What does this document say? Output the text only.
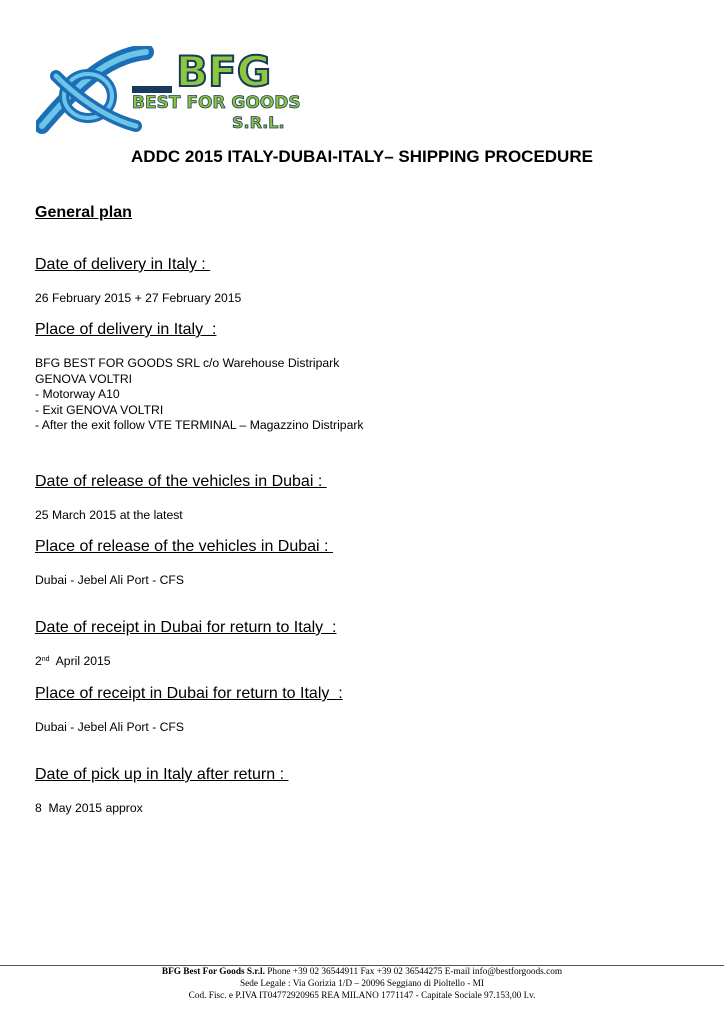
BFG
BEST FOR GOODS
S.R.L.
ADDC 2015 ITALY-DUBAI-ITALY– SHIPPING PROCEDURE
General plan
Date of delivery in Italy :
26 February 2015 + 27 February 2015
Place of delivery in Italy  :
BFG BEST FOR GOODS SRL c/o Warehouse Distripark
GENOVA VOLTRI
- Motorway A10
- Exit GENOVA VOLTRI
- After the exit follow VTE TERMINAL – Magazzino Distripark
Date of release of the vehicles in Dubai :
25 March 2015 at the latest
Place of release of the vehicles in Dubai :
Dubai - Jebel Ali Port - CFS
Date of receipt in Dubai for return to Italy  :
2nd  April 2015
Place of receipt in Dubai for return to Italy  :
Dubai - Jebel Ali Port - CFS
Date of pick up in Italy after return :
8  May 2015 approx
BFG Best For Goods S.r.l. Phone +39 02 36544911 Fax +39 02 36544275 E-mail info@bestforgoods.com
Sede Legale : Via Gorizia 1/D – 20096 Seggiano di Pioltello - MI
Cod. Fisc. e P.IVA IT04772920965 REA MILANO 1771147 - Capitale Sociale 97.153,00 I.v.
